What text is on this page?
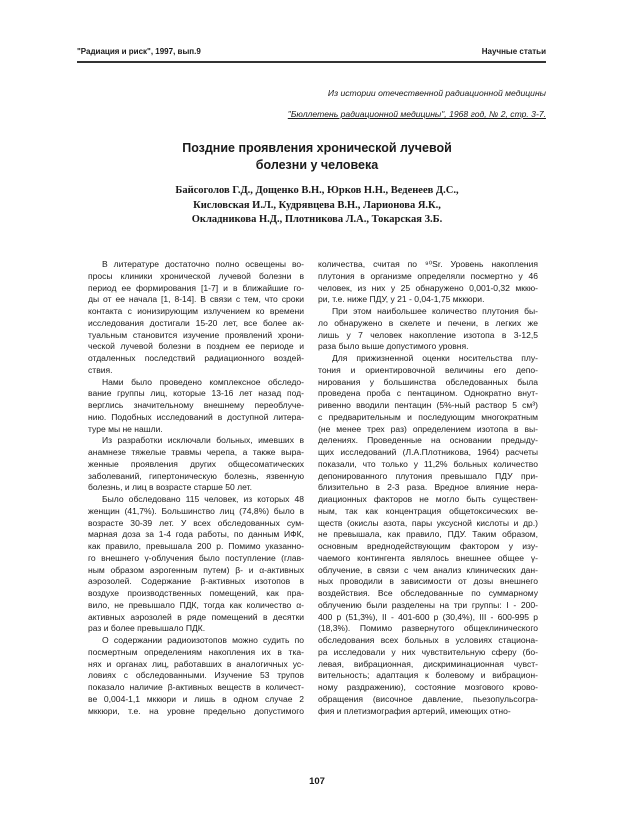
"Радиация и риск", 1997, вып.9	Научные статьи
Из истории отечественной радиационной медицины
"Бюллетень радиационной медицины", 1968 год, № 2, стр. 3-7.
Поздние проявления хронической лучевой
болезни у человека
Байсоголов Г.Д., Дощенко В.Н., Юрков Н.Н., Веденеев Д.С.,
Кисловская И.Л., Кудрявцева В.Н., Ларионова Я.К.,
Окладникова Н.Д., Плотникова Л.А., Токарская З.Б.
В литературе достаточно полно освещены во-
просы клиники хронической лучевой болезни в
период ее формирования [1-7] и в ближайшие го-
ды от ее начала [1, 8-14]. В связи с тем, что сроки
контакта с ионизирующим излучением ко времени
исследования достигали 15-20 лет, все более ак-
туальным становится изучение проявлений хрони-
ческой лучевой болезни в позднем ее периоде и
отдаленных последствий радиационного воздей-
ствия.
Нами было проведено комплексное обследо-
вание группы лиц, которые 13-16 лет назад под-
верглись значительному внешнему переоблуче-
нию. Подобных исследований в доступной литера-
туре мы не нашли.
Из разработки исключали больных, имевших в
анамнезе тяжелые травмы черепа, а также выра-
женные проявления других общесоматических
заболеваний, гипертоническую болезнь, язвенную
болезнь, и лиц в возрасте старше 50 лет.
Было обследовано 115 человек, из которых 48
женщин (41,7%). Большинство лиц (74,8%) было в
возрасте 30-39 лет. У всех обследованных сум-
марная доза за 1-4 года работы, по данным ИФК,
как правило, превышала 200 р. Помимо указанно-
го внешнего γ-облучения было поступление (глав-
ным образом аэрогенным путем) β- и α-активных
аэрозолей. Содержание β-активных изотопов в
воздухе производственных помещений, как пра-
вило, не превышало ПДК, тогда как количество α-
активных аэрозолей в ряде помещений в десятки
раз и более превышало ПДК.
О содержании радиоизотопов можно судить по
посмертным определениям накопления их в тка-
нях и органах лиц, работавших в аналогичных ус-
ловиях с обследованными. Изучение 53 трупов
показало наличие β-активных веществ в количест-
ве 0,004-1,1 мккюри и лишь в одном случае 2
мккюри, т.е. на уровне предельно допустимого
количества, считая по ⁹⁰Sr. Уровень накопления
плутония в организме определяли посмертно у 46
человек, из них у 25 обнаружено 0,001-0,32 мккю-
ри, т.е. ниже ПДУ, у 21 - 0,04-1,75 мккюри.
При этом наибольшее количество плутония бы-
ло обнаружено в скелете и печени, в легких же
лишь у 7 человек накопление изотопа в 3-12,5
раза было выше допустимого уровня.
Для прижизненной оценки носительства плу-
тония и ориентировочной величины его депо-
нирования у большинства обследованных была
проведена проба с пентацином. Однократно внут-
ривенно вводили пентацин (5%-ный раствор 5 см³)
с предварительным и последующим многократным
(не менее трех раз) определением изотопа в вы-
делениях. Проведенные на основании предыду-
щих исследований (Л.А.Плотникова, 1964) расчеты
показали, что только у 11,2% больных количество
депонированного плутония превышало ПДУ при-
близительно в 2-3 раза. Вредное влияние нера-
диационных факторов не могло быть существен-
ным, так как концентрация общетоксических ве-
ществ (окислы азота, пары уксусной кислоты и др.)
не превышала, как правило, ПДУ. Таким образом,
основным вреднодействующим фактором у изу-
чаемого контингента являлось внешнее общее γ-
облучение, в связи с чем анализ клинических дан-
ных проводили в зависимости от дозы внешнего
воздействия. Все обследованные по суммарному
облучению были разделены на три группы: I - 200-
400 р (51,3%), II - 401-600 р (30,4%), III - 600-995 р
(18,3%). Помимо развернутого общеклинического
обследования всех больных в условиях стациона-
ра исследовали у них чувствительную сферу (бо-
левая, вибрационная, дискриминационная чувст-
вительность; адаптация к болевому и вибрацион-
ному раздражению), состояние мозгового крово-
обращения (височное давление, пьезопульсогра-
фия и плетизмография артерий, имеющих отно-
107
